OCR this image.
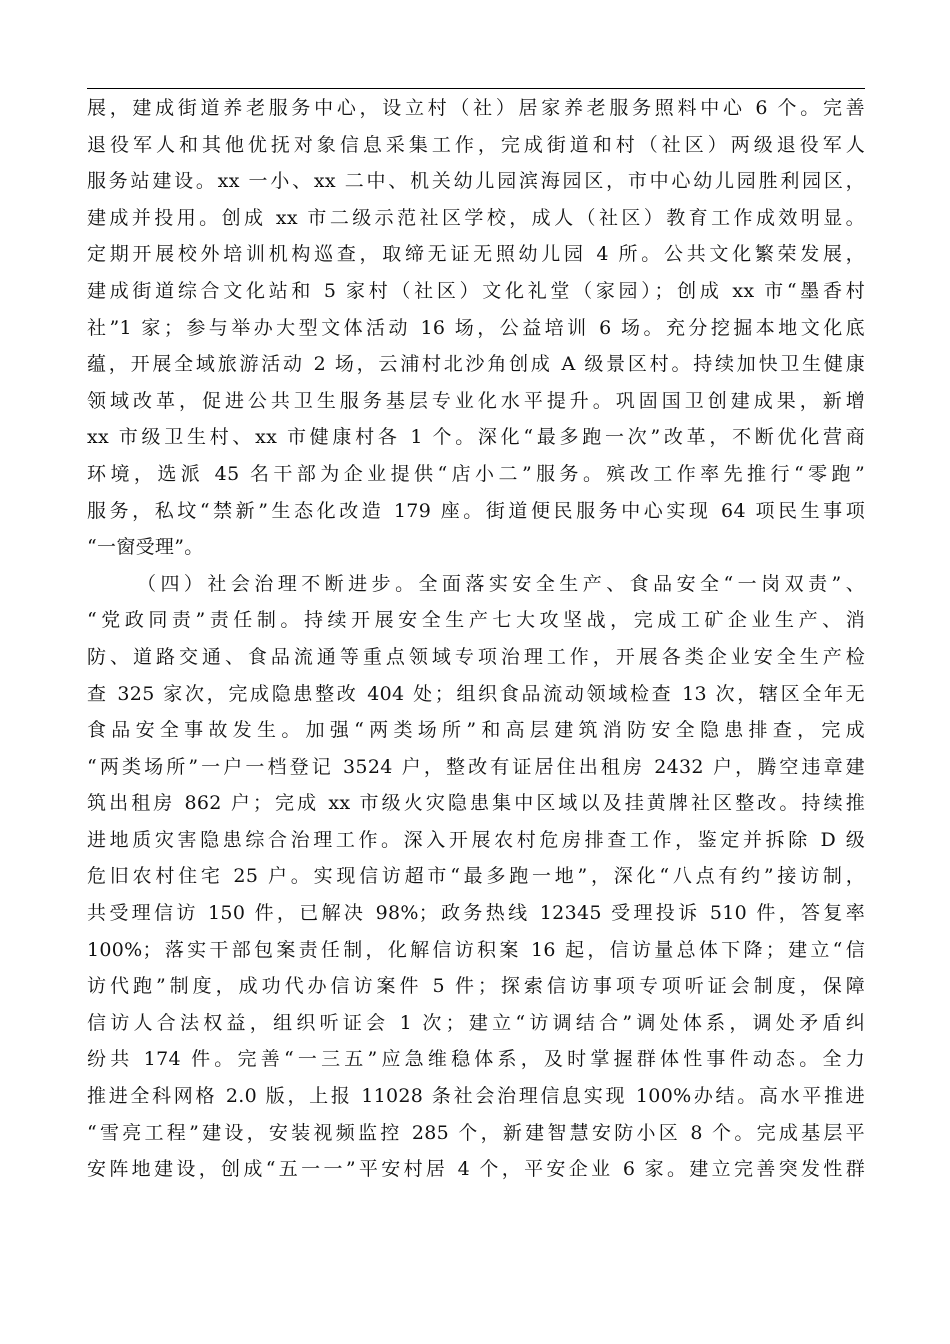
展，建成街道养老服务中心，设立村（社）居家养老服务照料中心 6 个。完善
退役军人和其他优抚对象信息采集工作，完成街道和村（社区）两级退役军人
服务站建设。xx 一小、xx 二中、机关幼儿园滨海园区，市中心幼儿园胜利园区，
建成并投用。创成 xx 市二级示范社区学校，成人（社区）教育工作成效明显。
定期开展校外培训机构巡查，取缔无证无照幼儿园 4 所。公共文化繁荣发展，
建成街道综合文化站和 5 家村（社区）文化礼堂（家园）；创成 xx 市“墨香村
社”1 家；参与举办大型文体活动 16 场，公益培训 6 场。充分挖掘本地文化底
蕴，开展全域旅游活动 2 场，云浦村北沙角创成 A 级景区村。持续加快卫生健康
领域改革，促进公共卫生服务基层专业化水平提升。巩固国卫创建成果，新增
xx 市级卫生村、xx 市健康村各 1 个。深化“最多跑一次”改革，不断优化营商
环境，选派 45 名干部为企业提供“店小二”服务。殡改工作率先推行“零跑”
服务，私坟“禁新”生态化改造 179 座。街道便民服务中心实现 64 项民生事项
“一窗受理”。
（四）社会治理不断进步。全面落实安全生产、食品安全“一岗双责”、
“党政同责”责任制。持续开展安全生产七大攻坚战，完成工矿企业生产、消
防、道路交通、食品流通等重点领域专项治理工作，开展各类企业安全生产检
查 325 家次，完成隐患整改 404 处；组织食品流动领域检查 13 次，辖区全年无
食品安全事故发生。加强“两类场所”和高层建筑消防安全隐患排查，完成
“两类场所”一户一档登记 3524 户，整改有证居住出租房 2432 户，腾空违章建
筑出租房 862 户；完成 xx 市级火灾隐患集中区域以及挂黄牌社区整改。持续推
进地质灾害隐患综合治理工作。深入开展农村危房排查工作，鉴定并拆除 D 级
危旧农村住宅 25 户。实现信访超市“最多跑一地”，深化“八点有约”接访制，
共受理信访 150 件，已解决 98%；政务热线 12345 受理投诉 510 件，答复率
100%；落实干部包案责任制，化解信访积案 16 起，信访量总体下降；建立“信
访代跑”制度，成功代办信访案件 5 件；探索信访事项专项听证会制度，保障
信访人合法权益，组织听证会 1 次；建立“访调结合”调处体系，调处矛盾纠
纷共 174 件。完善“一三五”应急维稳体系，及时掌握群体性事件动态。全力
推进全科网格 2.0 版，上报 11028 条社会治理信息实现 100%办结。高水平推进
“雪亮工程”建设，安装视频监控 285 个，新建智慧安防小区 8 个。完成基层平
安阵地建设，创成“五一一”平安村居 4 个，平安企业 6 家。建立完善突发性群
